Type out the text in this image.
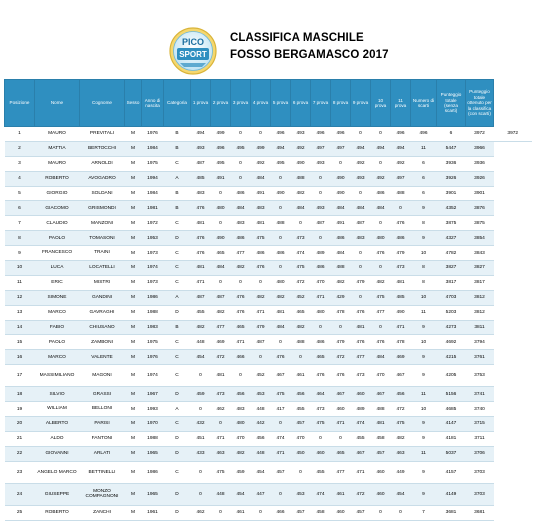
PICO
SPORT
CLASSIFICA MASCHILE
FOSSO BERGAMASCO 2017
Posizione	Nome	Cognome	Sesso	Anno di nascita	Categoria	1 prova	2 prova	3 prova	4 prova	5 prova	6 prova	7 prova	8 prova	9 prova	10 prova	11 prova	Numero di scarti	Punteggio totale (senza scarti)	Punteggio totale ottenuto per la classifica (con scarti)	
1	MAURO	PREVITALI	M	1976	B	494	499	0	0	496	493	496	496	0	0	496	496	6	3972	3972
2	MATTIA	BERTOCCHI	M	1984	B	493	496	495	499	494	492	497	497	494	494	494	11	5447	3966	
3	MAURO	ARNOLDI	M	1975	C	487	495	0	492	495	490	493	0	492	0	492	6	3936	3936	
4	ROBERTO	AVOGADRO	M	1994	A	485	491	0	484	0	488	0	490	493	492	497	6	3926	3926	
5	GIORGIO	SOLDANI	M	1984	B	483	0	486	491	490	482	0	490	0	486	488	6	3901	3901	
6	GIACOMO	GRISMONDI	M	1981	B	476	480	484	483	0	484	493	484	484	484	0	9	4352	3876	
7	CLAUDIO	MANZONI	M	1972	C	481	0	483	481	488	0	487	491	487	0	476	8	3875	3875	
8	PAOLO	TOMASONI	M	1953	D	476	490	486	475	0	473	0	486	483	480	486	9	4327	3854	
9	FRANCESCO	TRAINI	M	1973	C	476	465	477	486	486	474	489	484	0	476	479	10	4782	3843	
10	LUCA	LOCATELLI	M	1974	C	481	484	482	476	0	475	486	488	0	0	473	8	3827	3827	
11	ERIC	MISTRI	M	1973	C	471	0	0	0	480	472	470	482	479	482	481	8	3817	3817	
12	SIMONE	GANDINI	M	1986	A	487	487	476	482	482	452	471	429	0	475	485	10	4703	3812	
13	MARCO	GAVRAGHI	M	1988	D	455	482	476	471	481	465	480	478	476	477	490	11	5203	3812	
14	FABIO	CHIUSANO	M	1983	B	482	477	465	479	484	482	0	0	481	0	471	9	4273	3811	
15	PAOLO	ZAMBONI	M	1975	C	448	469	471	487	0	488	486	479	476	476	478	10	4692	3794	
16	MARCO	VALENTE	M	1976	C	454	472	466	0	476	0	465	472	477	484	469	9	4215	3761	
17	MASSIMILIANO	MAGONI	M	1974	C	0	481	0	452	467	461	476	476	473	470	467	9	4205	3753	
18	SILVIO	GRASSI	M	1967	D	459	473	456	453	475	456	464	467	460	467	456	11	5156	3741	
19	WILLIAM	BELLONI	M	1993	A	0	462	483	448	417	455	473	460	489	488	472	10	4685	3740	
20	ALBERTO	PARISI	M	1970	C	432	0	480	442	0	457	475	471	474	481	475	9	4147	3715	
21	ALDO	FANTONI	M	1988	D	451	471	470	456	474	470	0	0	455	458	482	9	4181	3711	
22	GIOVANNI	ARLATI	M	1965	D	433	463	482	448	471	450	460	465	467	457	463	11	5037	3706	
23	ANGELO MARCO	BETTINELLI	M	1986	C	0	475	459	454	457	0	455	477	471	460	449	9	4157	3703	
24	GIUSEPPE	MONZO COMPAGNONI	M	1965	D	0	448	454	447	0	453	474	461	472	460	454	9	4149	3703	
25	ROBERTO	ZANCHI	M	1961	D	462	0	461	0	466	457	458	460	457	0	0	7	3681	3681	
